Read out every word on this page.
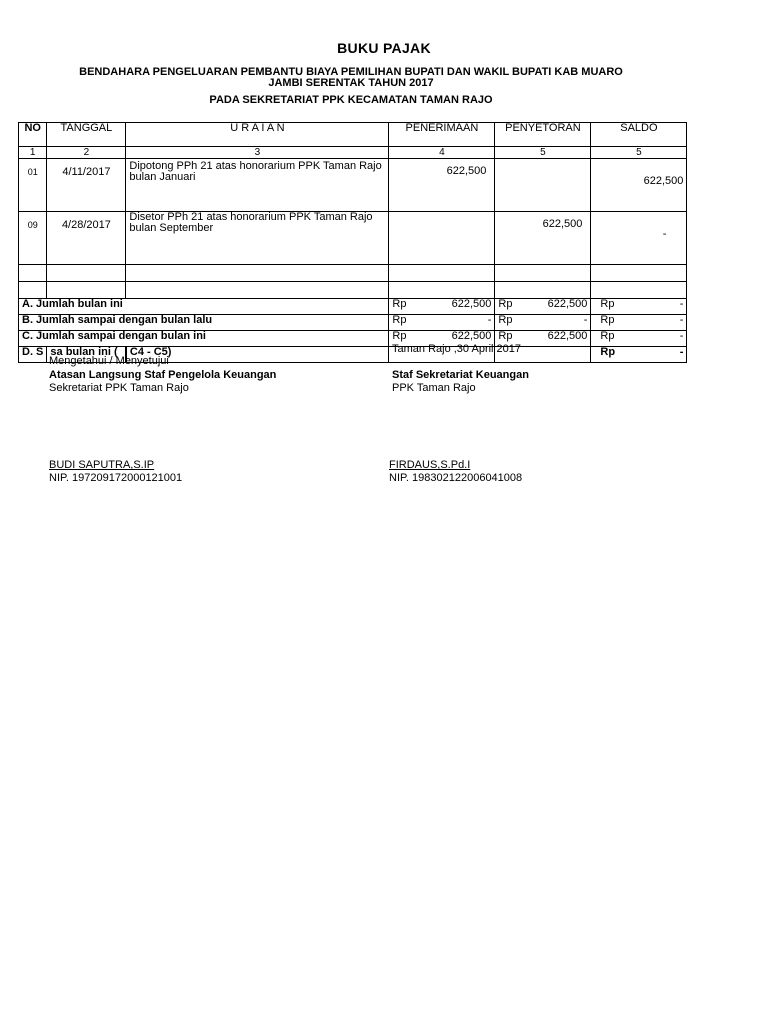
BUKU PAJAK
BENDAHARA PENGELUARAN PEMBANTU BIAYA PEMILIHAN BUPATI DAN WAKIL BUPATI KAB MUARO
JAMBI SERENTAK TAHUN 2017
PADA SEKRETARIAT PPK KECAMATAN TAMAN RAJO
NO	TANGGAL	U R A I A N	PENERIMAAN	PENYETORAN	SALDO
1	2	3	4	5	5
01	4/11/2017	Dipotong PPh 21 atas honorarium PPK Taman Rajo bulan Januari	622,500		622,500
09	4/28/2017	Disetor PPh 21 atas honorarium PPK Taman Rajo bulan September		622,500	-

A. Jumlah bulan ini			Rp 622,500	Rp 622,500	Rp -

B. Jumlah sampai dengan bulan lalu			Rp -	Rp -	Rp -

C. Jumlah sampai dengan bulan ini			Rp 622,500	Rp 622,500	Rp -

D. S	sa bulan ini (	C4 - C5)			Rp -
Taman Rajo ,30 April 2017
Mengetahui / Menyetujui
Atasan Langsung Staf Pengelola Keuangan
Sekretariat PPK Taman Rajo
Staf Sekretariat Keuangan
PPK Taman Rajo
BUDI SAPUTRA,S.IP
NIP. 197209172000121001
FIRDAUS,S.Pd.I
NIP. 198302122006041008
